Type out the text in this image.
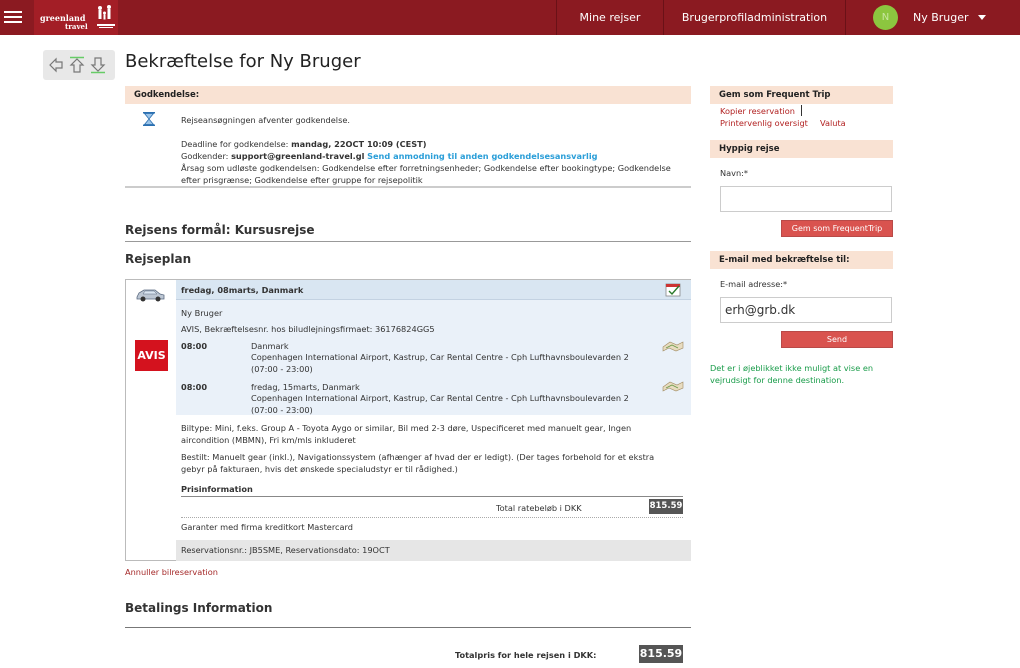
greenland
travel
Mine rejser	Brugerprofiladministration	N	Ny Bruger
Bekræftelse for Ny Bruger
Godkendelse:
Rejseansøgningen afventer godkendelse.
Deadline for godkendelse: mandag, 22OCT 10:09 (CEST)
Godkender: support@greenland-travel.gl Send anmodning til anden godkendelsesansvarlig
Årsag som udløste godkendelsen: Godkendelse efter forretningsenheder; Godkendelse efter bookingtype; Godkendelse
efter prisgrænse; Godkendelse efter gruppe for rejsepolitik
Rejsens formål: Kursusrejse
Rejseplan
AVIS
fredag, 08marts, Danmark
Ny Bruger
AVIS, Bekræftelsesnr. hos biludlejningsfirmaet: 36176824GG5
08:00	Danmark
Copenhagen International Airport, Kastrup, Car Rental Centre - Cph Lufthavnsboulevarden 2
(07:00 - 23:00)
08:00	fredag, 15marts, Danmark
Copenhagen International Airport, Kastrup, Car Rental Centre - Cph Lufthavnsboulevarden 2
(07:00 - 23:00)
Biltype: Mini, f.eks. Group A - Toyota Aygo or similar, Bil med 2-3 døre, Uspecificeret med manuelt gear, Ingen
aircondition (MBMN), Fri km/mls inkluderet
Bestilt: Manuelt gear (inkl.), Navigationssystem (afhænger af hvad der er ledigt). (Der tages forbehold for et ekstra
gebyr på fakturaen, hvis det ønskede specialudstyr er til rådighed.)
Prisinformation
Total ratebeløb i DKK	815.59
Garanter med firma kreditkort Mastercard
Reservationsnr.: JB5SME, Reservationsdato: 19OCT
Annuller bilreservation
Betalings Information
Totalpris for hele rejsen i DKK:	815.59
Gem som Frequent Trip
Kopier reservation
Printervenlig oversigt Valuta
Hyppig rejse
Navn:*
Gem som FrequentTrip
E-mail med bekræftelse til:
E-mail adresse:*
erh@grb.dk
Send
Det er i øjeblikket ikke muligt at vise en
vejrudsigt for denne destination.
